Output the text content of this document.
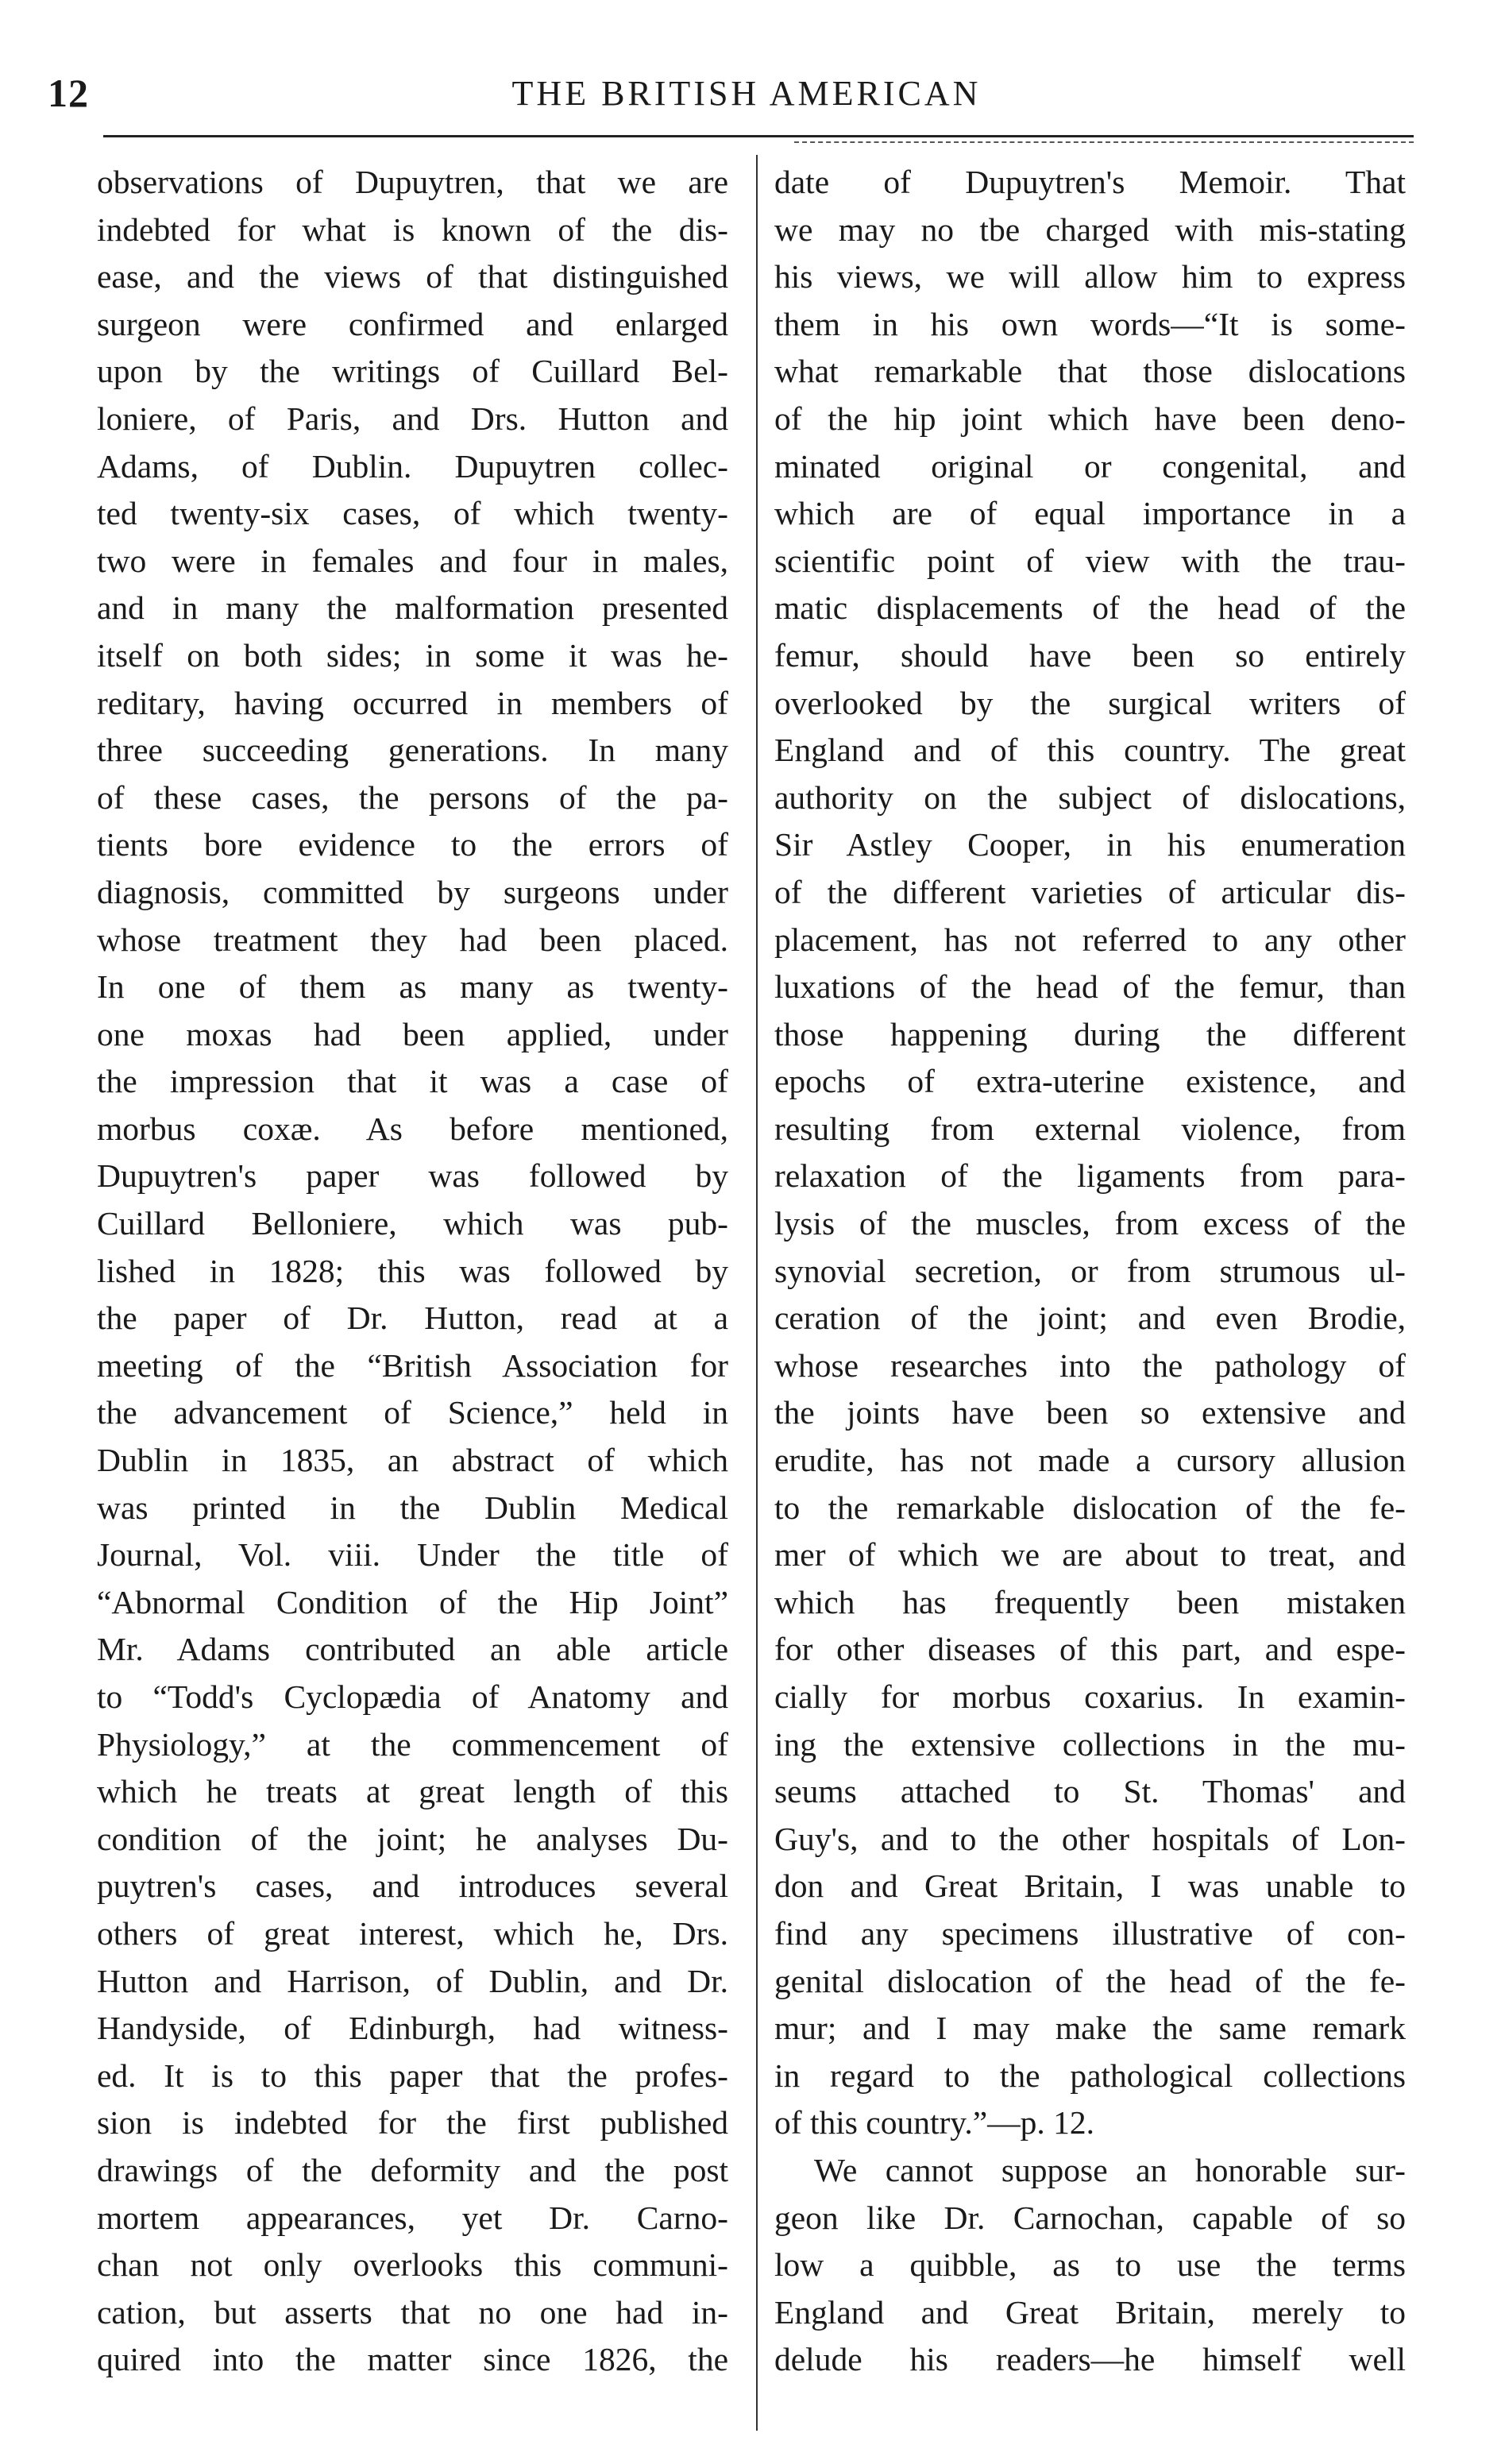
12	THE BRITISH AMERICAN
observations of Dupuytren, that we are
indebted for what is known of the dis-
ease, and the views of that distinguished
surgeon were confirmed and enlarged
upon by the writings of Cuillard Bel-
loniere, of Paris, and Drs. Hutton and
Adams, of Dublin. Dupuytren collec-
ted twenty-six cases, of which twenty-
two were in females and four in males,
and in many the malformation presented
itself on both sides; in some it was he-
reditary, having occurred in members of
three succeeding generations. In many
of these cases, the persons of the pa-
tients bore evidence to the errors of
diagnosis, committed by surgeons under
whose treatment they had been placed.
In one of them as many as twenty-
one moxas had been applied, under
the impression that it was a case of
morbus coxæ. As before mentioned,
Dupuytren's paper was followed by
Cuillard Belloniere, which was pub-
lished in 1828; this was followed by
the paper of Dr. Hutton, read at a
meeting of the “British Association for
the advancement of Science,” held in
Dublin in 1835, an abstract of which
was printed in the Dublin Medical
Journal, Vol. viii. Under the title of
“Abnormal Condition of the Hip Joint”
Mr. Adams contributed an able article
to “Todd's Cyclopædia of Anatomy and
Physiology,” at the commencement of
which he treats at great length of this
condition of the joint; he analyses Du-
puytren's cases, and introduces several
others of great interest, which he, Drs.
Hutton and Harrison, of Dublin, and Dr.
Handyside, of Edinburgh, had witness-
ed. It is to this paper that the profes-
sion is indebted for the first published
drawings of the deformity and the post
mortem appearances, yet Dr. Carno-
chan not only overlooks this communi-
cation, but asserts that no one had in-
quired into the matter since 1826, the
date of Dupuytren's Memoir. That
we may no tbe charged with mis-stating
his views, we will allow him to express
them in his own words—“It is some-
what remarkable that those dislocations
of the hip joint which have been deno-
minated original or congenital, and
which are of equal importance in a
scientific point of view with the trau-
matic displacements of the head of the
femur, should have been so entirely
overlooked by the surgical writers of
England and of this country. The great
authority on the subject of dislocations,
Sir Astley Cooper, in his enumeration
of the different varieties of articular dis-
placement, has not referred to any other
luxations of the head of the femur, than
those happening during the different
epochs of extra-uterine existence, and
resulting from external violence, from
relaxation of the ligaments from para-
lysis of the muscles, from excess of the
synovial secretion, or from strumous ul-
ceration of the joint; and even Brodie,
whose researches into the pathology of
the joints have been so extensive and
erudite, has not made a cursory allusion
to the remarkable dislocation of the fe-
mer of which we are about to treat, and
which has frequently been mistaken
for other diseases of this part, and espe-
cially for morbus coxarius. In examin-
ing the extensive collections in the mu-
seums attached to St. Thomas' and
Guy's, and to the other hospitals of Lon-
don and Great Britain, I was unable to
find any specimens illustrative of con-
genital dislocation of the head of the fe-
mur; and I may make the same remark
in regard to the pathological collections
of this country.”—p. 12.
We cannot suppose an honorable sur-
geon like Dr. Carnochan, capable of so
low a quibble, as to use the terms
England and Great Britain, merely to
delude his readers—he himself well
